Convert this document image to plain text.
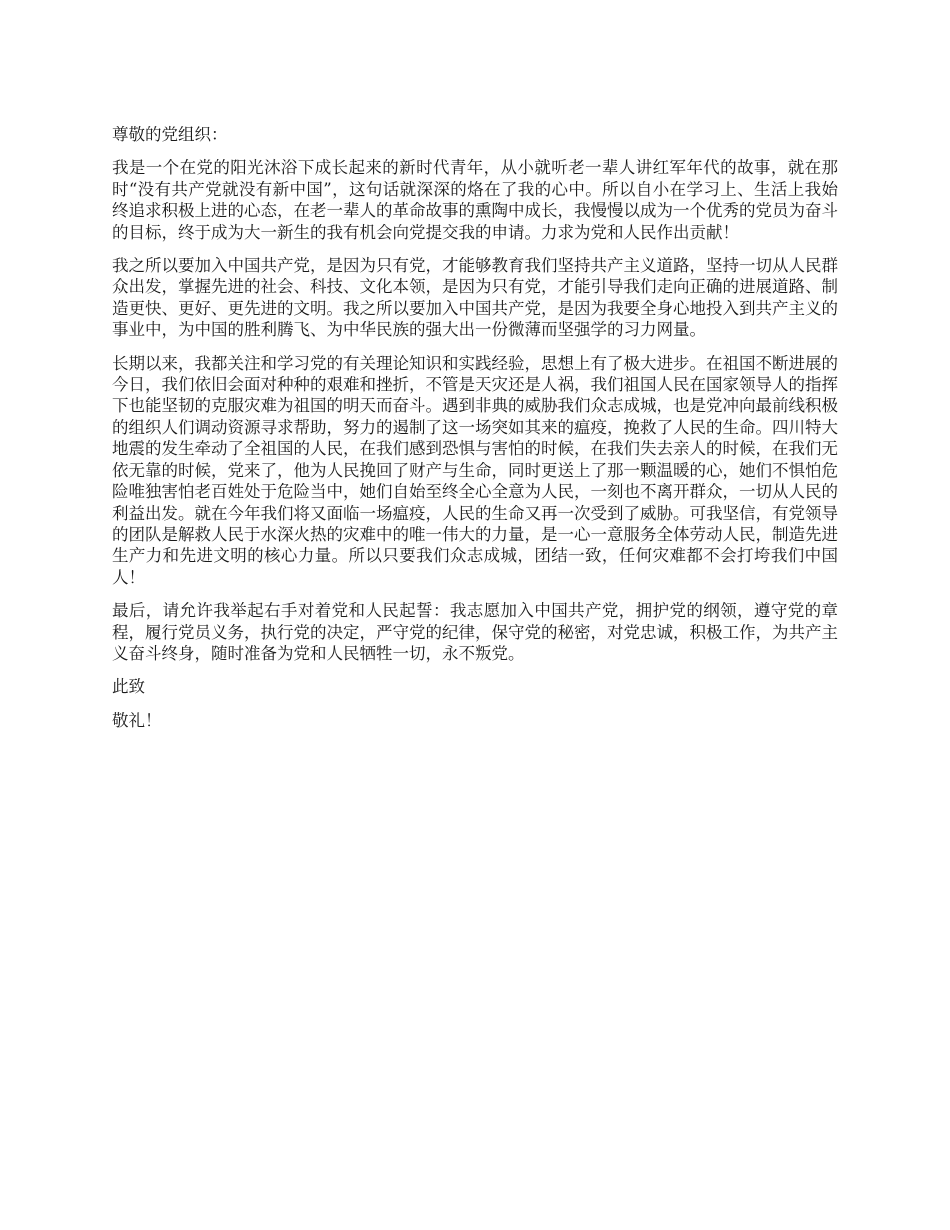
尊敬的党组织：

我是一个在党的阳光沐浴下成长起来的新时代青年，从小就听老一辈人讲红军年代的故事，就在那时“没有共产党就没有新中国”，这句话就深深的烙在了我的心中。所以自小在学习上、生活上我始终追求积极上进的心态，在老一辈人的革命故事的熏陶中成长，我慢慢以成为一个优秀的党员为奋斗的目标，终于成为大一新生的我有机会向党提交我的申请。力求为党和人民作出贡献！

我之所以要加入中国共产党，是因为只有党，才能够教育我们坚持共产主义道路，坚持一切从人民群众出发，掌握先进的社会、科技、文化本领，是因为只有党，才能引导我们走向正确的进展道路、制造更快、更好、更先进的文明。我之所以要加入中国共产党，是因为我要全身心地投入到共产主义的事业中，为中国的胜利腾飞、为中华民族的强大出一份微薄而坚强学的习力网量。

长期以来，我都关注和学习党的有关理论知识和实践经验，思想上有了极大进步。在祖国不断进展的今日，我们依旧会面对种种的艰难和挫折，不管是天灾还是人祸，我们祖国人民在国家领导人的指挥下也能坚韧的克服灾难为祖国的明天而奋斗。遇到非典的威胁我们众志成城，也是党冲向最前线积极的组织人们调动资源寻求帮助，努力的遏制了这一场突如其来的瘟疫，挽救了人民的生命。四川特大地震的发生牵动了全祖国的人民，在我们感到恐惧与害怕的时候，在我们失去亲人的时候，在我们无依无靠的时候，党来了，他为人民挽回了财产与生命，同时更送上了那一颗温暖的心，她们不惧怕危险唯独害怕老百姓处于危险当中，她们自始至终全心全意为人民，一刻也不离开群众，一切从人民的利益出发。就在今年我们将又面临一场瘟疫，人民的生命又再一次受到了威胁。可我坚信，有党领导的团队是解救人民于水深火热的灾难中的唯一伟大的力量，是一心一意服务全体劳动人民，制造先进生产力和先进文明的核心力量。所以只要我们众志成城，团结一致，任何灾难都不会打垮我们中国人！

最后，请允许我举起右手对着党和人民起誓：我志愿加入中国共产党，拥护党的纲领，遵守党的章程，履行党员义务，执行党的决定，严守党的纪律，保守党的秘密，对党忠诚，积极工作，为共产主义奋斗终身，随时准备为党和人民牺牲一切，永不叛党。

此致

敬礼！
